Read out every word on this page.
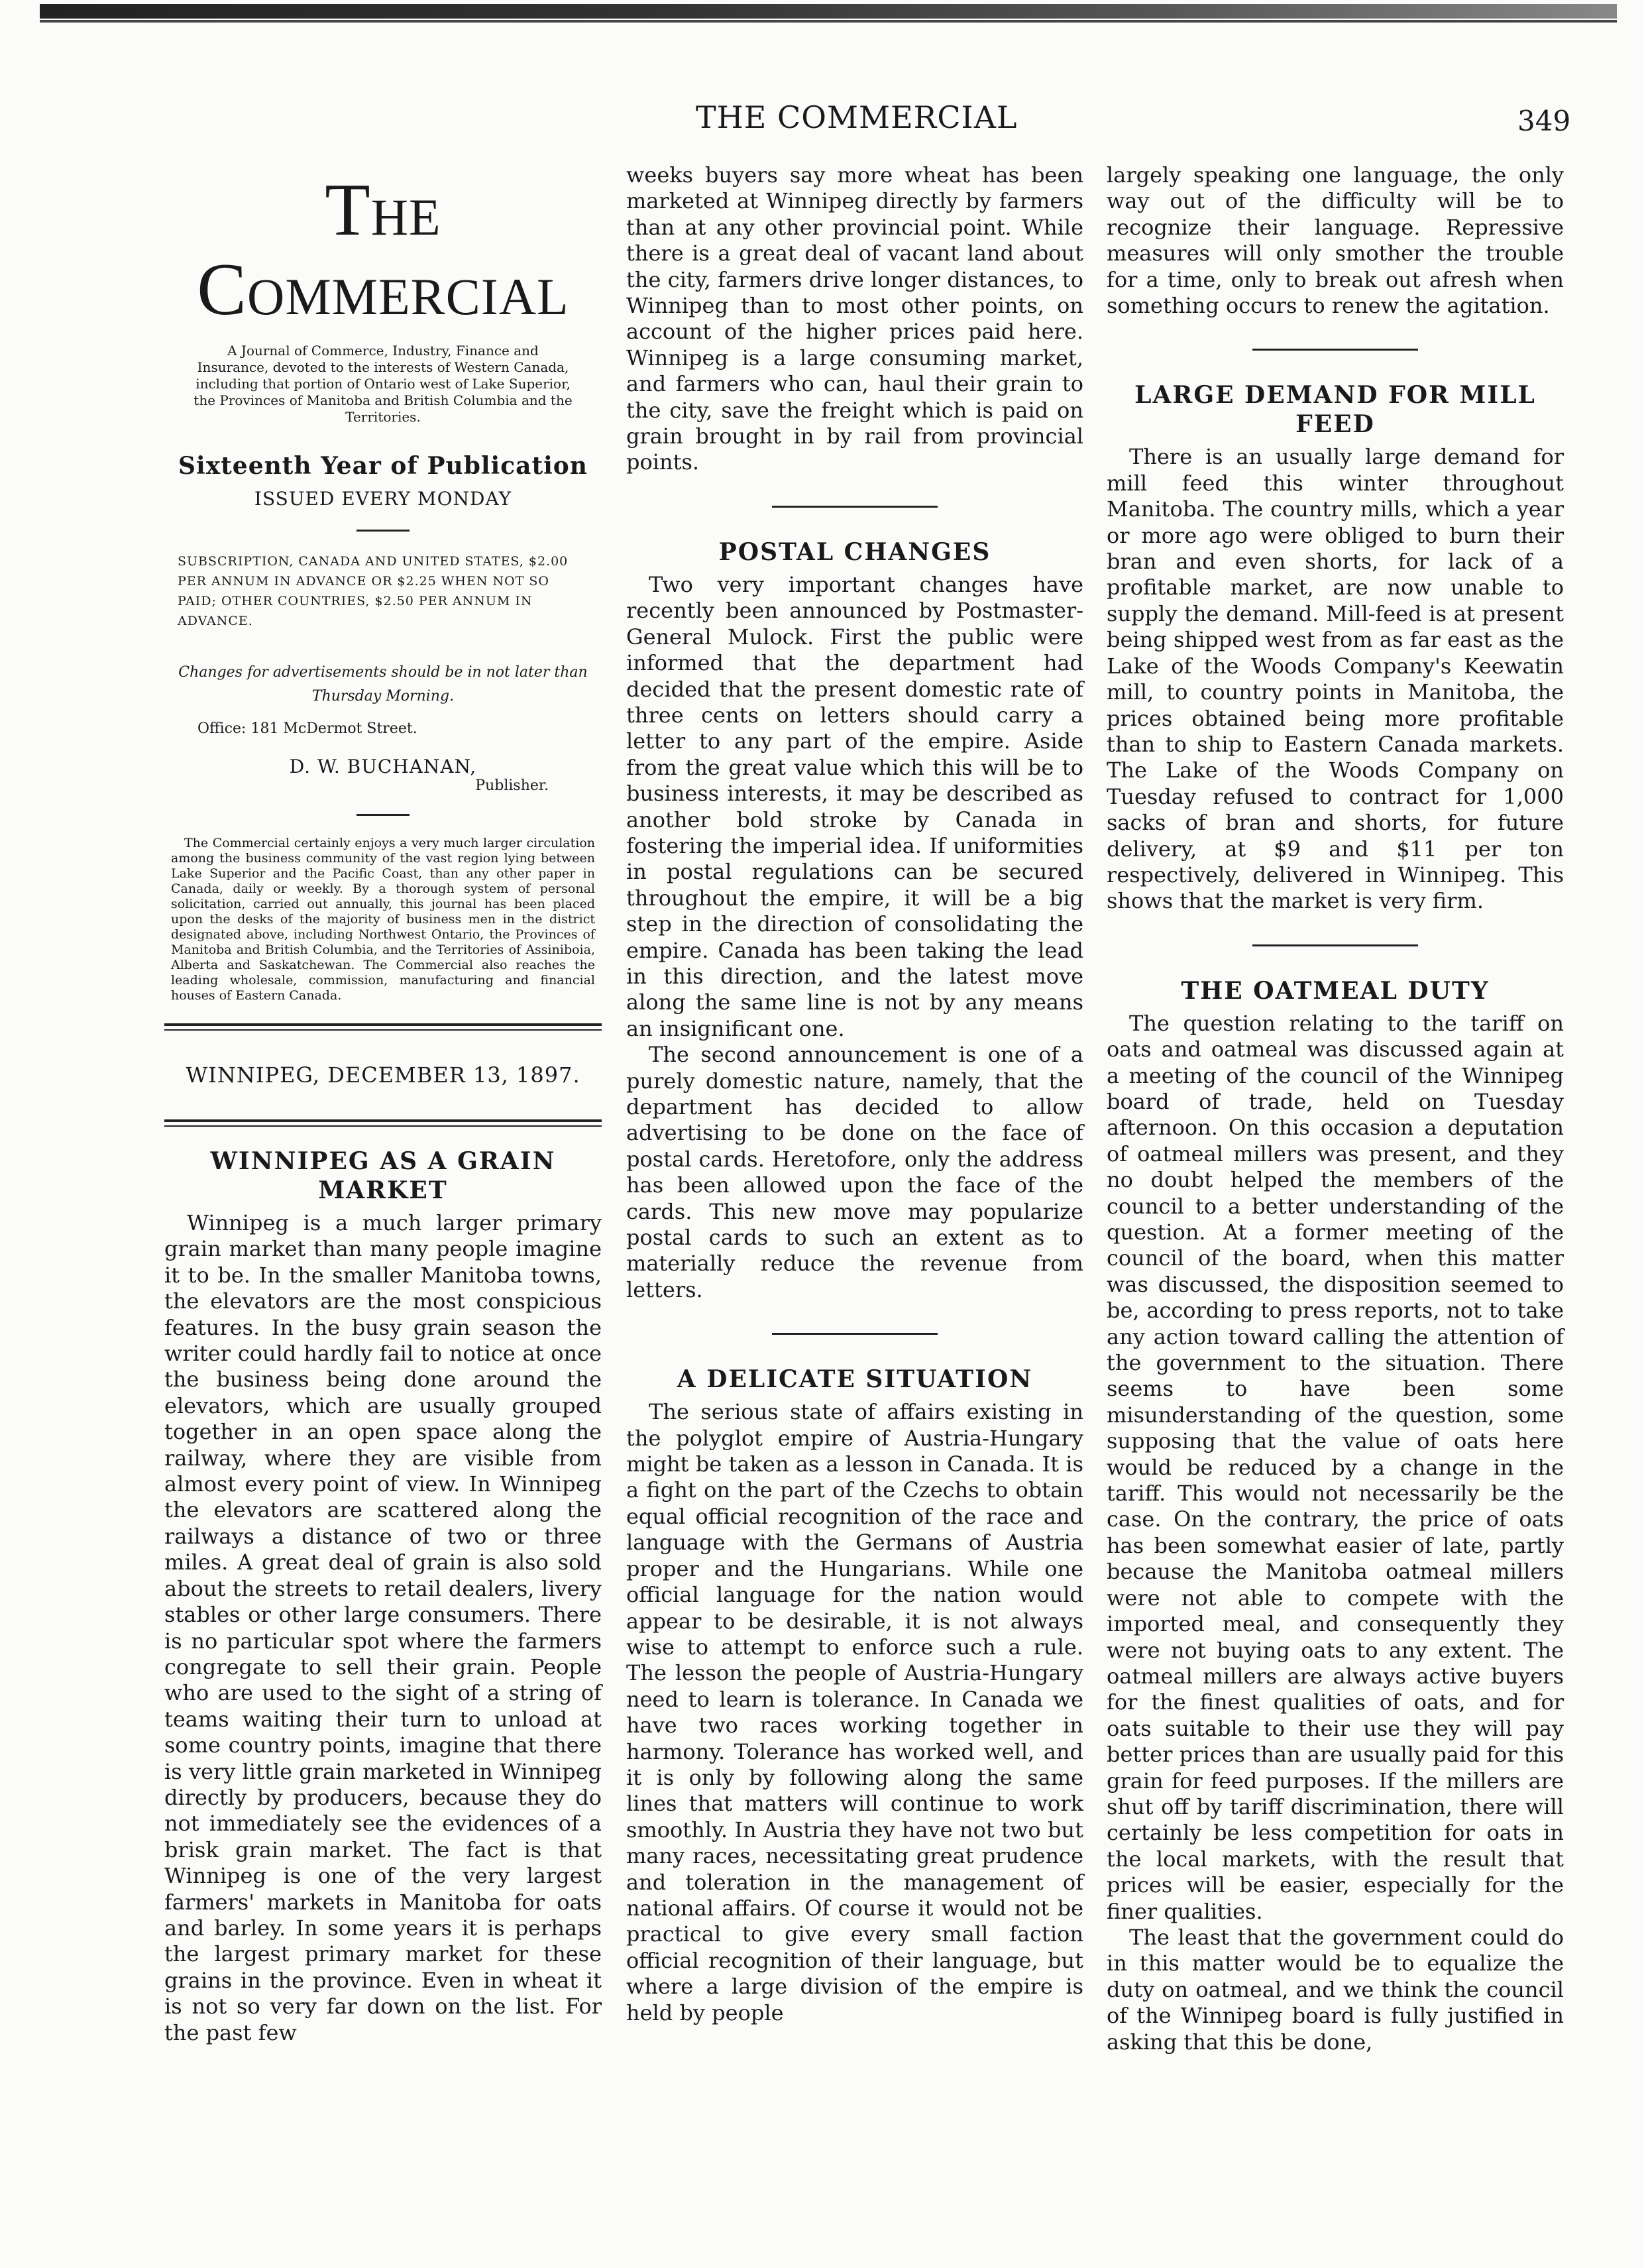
THE COMMERCIAL	349
The Commercial
A Journal of Commerce, Industry, Finance and Insurance, devoted to the interests of Western Canada, including that portion of Ontario west of Lake Superior, the Provinces of Manitoba and British Columbia and the Territories.
Sixteenth Year of Publication
ISSUED EVERY MONDAY
SUBSCRIPTION, CANADA AND UNITED STATES, $2.00 PER ANNUM IN ADVANCE OR $2.25 WHEN NOT SO PAID; OTHER COUNTRIES, $2.50 PER ANNUM IN ADVANCE.
Changes for advertisements should be in not later than Thursday Morning.
Office: 181 McDermot Street.
D. W. BUCHANAN,
Publisher.
The Commercial certainly enjoys a very much larger circulation among the business community of the vast region lying between Lake Superior and the Pacific Coast, than any other paper in Canada, daily or weekly. By a thorough system of personal solicitation, carried out annually, this journal has been placed upon the desks of the majority of business men in the district designated above, including Northwest Ontario, the Provinces of Manitoba and British Columbia, and the Territories of Assiniboia, Alberta and Saskatchewan. The Commercial also reaches the leading wholesale, commission, manufacturing and financial houses of Eastern Canada.
WINNIPEG, DECEMBER 13, 1897.
WINNIPEG AS A GRAIN MARKET

Winnipeg is a much larger primary grain market than many people imagine it to be. In the smaller Manitoba towns, the elevators are the most conspicious features. In the busy grain season the writer could hardly fail to notice at once the business being done around the elevators, which are usually grouped together in an open space along the railway, where they are visible from almost every point of view. In Winnipeg the elevators are scattered along the railways a distance of two or three miles. A great deal of grain is also sold about the streets to retail dealers, livery stables or other large consumers. There is no particular spot where the farmers congregate to sell their grain. People who are used to the sight of a string of teams waiting their turn to unload at some country points, imagine that there is very little grain marketed in Winnipeg directly by producers, because they do not immediately see the evidences of a brisk grain market. The fact is that Winnipeg is one of the very largest farmers' markets in Manitoba for oats and barley. In some years it is perhaps the largest primary market for these grains in the province. Even in wheat it is not so very far down on the list. For the past few

weeks buyers say more wheat has been marketed at Winnipeg directly by farmers than at any other provincial point. While there is a great deal of vacant land about the city, farmers drive longer distances, to Winnipeg than to most other points, on account of the higher prices paid here. Winnipeg is a large consuming market, and farmers who can, haul their grain to the city, save the freight which is paid on grain brought in by rail from provincial points.

POSTAL CHANGES

Two very important changes have recently been announced by Postmaster-General Mulock. First the public were informed that the department had decided that the present domestic rate of three cents on letters should carry a letter to any part of the empire. Aside from the great value which this will be to business interests, it may be described as another bold stroke by Canada in fostering the imperial idea. If uniformities in postal regulations can be secured throughout the empire, it will be a big step in the direction of consolidating the empire. Canada has been taking the lead in this direction, and the latest move along the same line is not by any means an insignificant one.

The second announcement is one of a purely domestic nature, namely, that the department has decided to allow advertising to be done on the face of postal cards. Heretofore, only the address has been allowed upon the face of the cards. This new move may popularize postal cards to such an extent as to materially reduce the revenue from letters.

A DELICATE SITUATION

The serious state of affairs existing in the polyglot empire of Austria-Hungary might be taken as a lesson in Canada. It is a fight on the part of the Czechs to obtain equal official recognition of the race and language with the Germans of Austria proper and the Hungarians. While one official language for the nation would appear to be desirable, it is not always wise to attempt to enforce such a rule. The lesson the people of Austria-Hungary need to learn is tolerance. In Canada we have two races working together in harmony. Tolerance has worked well, and it is only by following along the same lines that matters will continue to work smoothly. In Austria they have not two but many races, necessitating great prudence and toleration in the management of national affairs. Of course it would not be practical to give every small faction official recognition of their language, but where a large division of the empire is held by people

largely speaking one language, the only way out of the difficulty will be to recognize their language. Repressive measures will only smother the trouble for a time, only to break out afresh when something occurs to renew the agitation.

LARGE DEMAND FOR MILL FEED

There is an usually large demand for mill feed this winter throughout Manitoba. The country mills, which a year or more ago were obliged to burn their bran and even shorts, for lack of a profitable market, are now unable to supply the demand. Mill-feed is at present being shipped west from as far east as the Lake of the Woods Company's Keewatin mill, to country points in Manitoba, the prices obtained being more profitable than to ship to Eastern Canada markets. The Lake of the Woods Company on Tuesday refused to contract for 1,000 sacks of bran and shorts, for future delivery, at $9 and $11 per ton respectively, delivered in Winnipeg. This shows that the market is very firm.

THE OATMEAL DUTY

The question relating to the tariff on oats and oatmeal was discussed again at a meeting of the council of the Winnipeg board of trade, held on Tuesday afternoon. On this occasion a deputation of oatmeal millers was present, and they no doubt helped the members of the council to a better understanding of the question. At a former meeting of the council of the board, when this matter was discussed, the disposition seemed to be, according to press reports, not to take any action toward calling the attention of the government to the situation. There seems to have been some misunderstanding of the question, some supposing that the value of oats here would be reduced by a change in the tariff. This would not necessarily be the case. On the contrary, the price of oats has been somewhat easier of late, partly because the Manitoba oatmeal millers were not able to compete with the imported meal, and consequently they were not buying oats to any extent. The oatmeal millers are always active buyers for the finest qualities of oats, and for oats suitable to their use they will pay better prices than are usually paid for this grain for feed purposes. If the millers are shut off by tariff discrimination, there will certainly be less competition for oats in the local markets, with the result that prices will be easier, especially for the finer qualities.

The least that the government could do in this matter would be to equalize the duty on oatmeal, and we think the council of the Winnipeg board is fully justified in asking that this be done,
